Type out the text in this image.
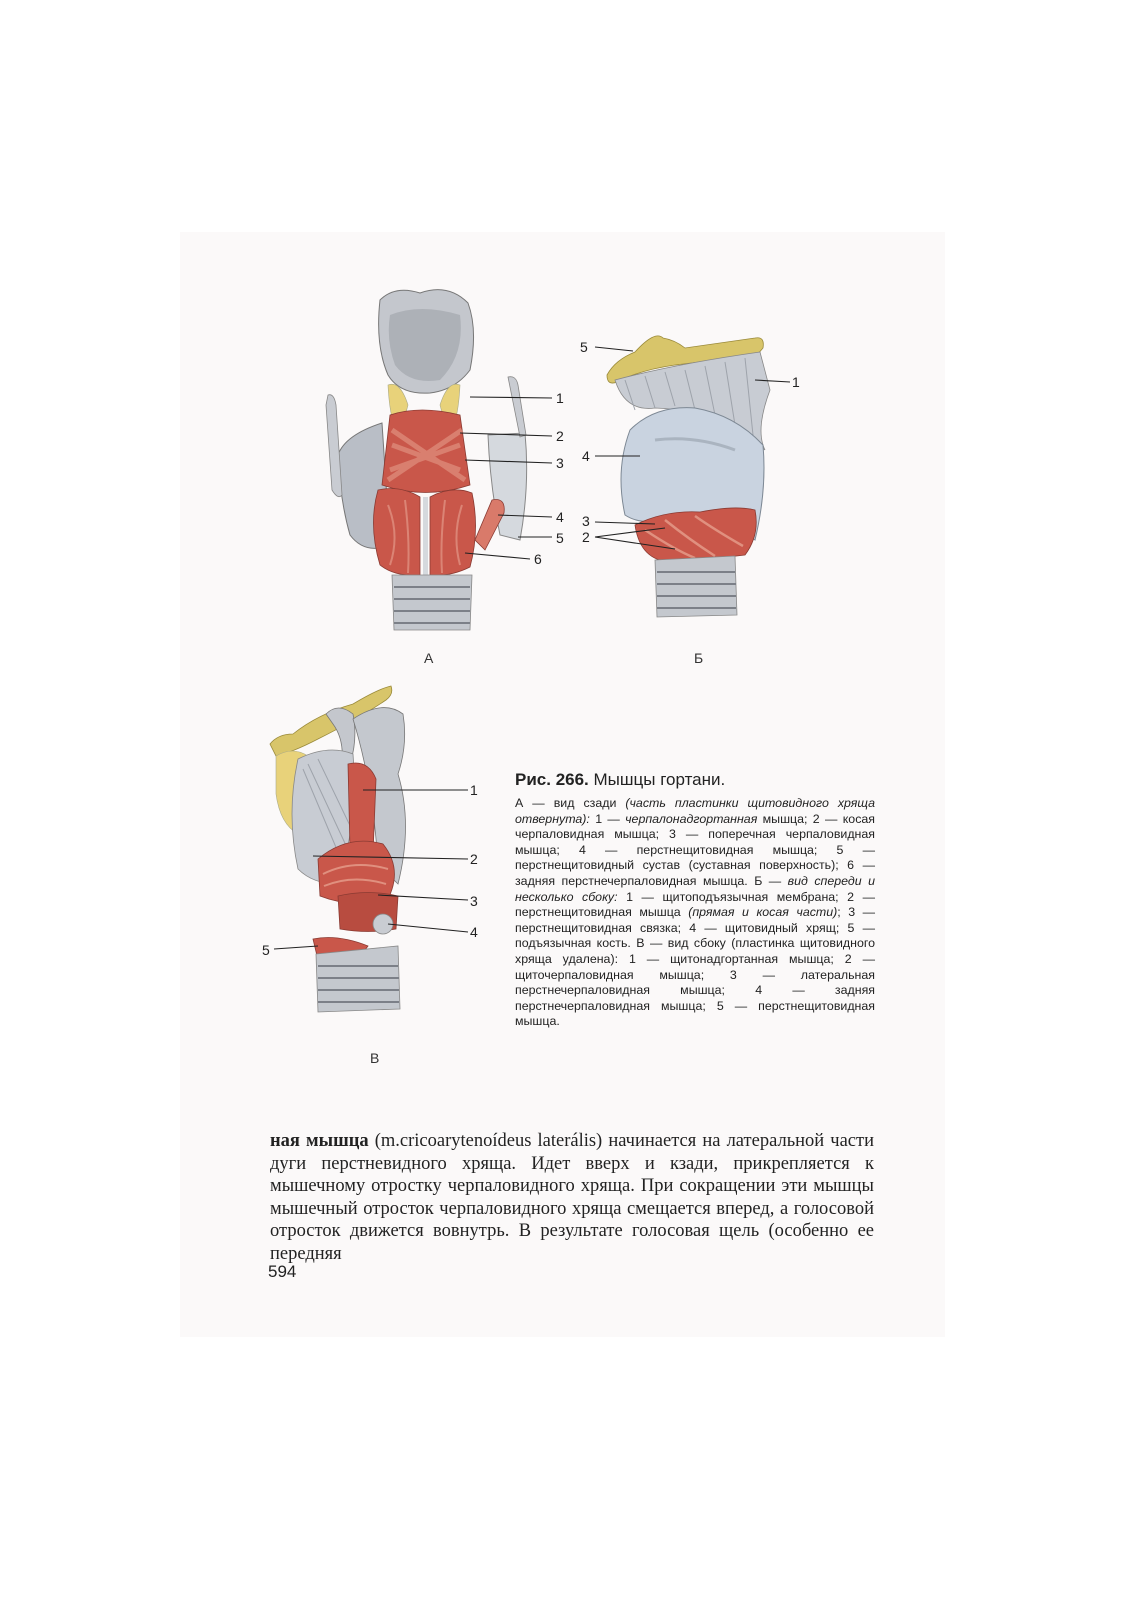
1
2
3
4
5
6
А
5
1
4
3
2
Б
1
2
3
4
5
В

Рис. 266. Мышцы гортани.

А — вид сзади (часть пластинки щитовидного хряща отвернута): 1 — черпалонадгортанная мышца; 2 — косая черпаловидная мышца; 3 — поперечная черпаловидная мышца; 4 — перстнещитовидная мышца; 5 — перстнещитовидный сустав (суставная поверхность); 6 — задняя перстнечерпаловидная мышца. Б — вид спереди и несколько сбоку: 1 — щитоподъязычная мембрана; 2 — перстнещитовидная мышца (прямая и косая части); 3 — перстнещитовидная связка; 4 — щитовидный хрящ; 5 — подъязычная кость. В — вид сбоку (пластинка щитовидного хряща удалена): 1 — щитонадгортанная мышца; 2 — щиточерпаловидная мышца; 3 — латеральная перстнечерпаловидная мышца; 4 — задняя перстнечерпаловидная мышца; 5 — перстнещитовидная мышца.

ная мышца (m.cricoarytenoídeus laterális) начинается на латеральной части дуги перстневидного хряща. Идет вверх и кзади, прикрепляется к мышечному отростку черпаловидного хряща. При сокращении эти мышцы мышечный отросток черпаловидного хряща смещается вперед, а голосовой отросток движется вовнутрь. В результате голосовая щель (особенно ее передняя

594
